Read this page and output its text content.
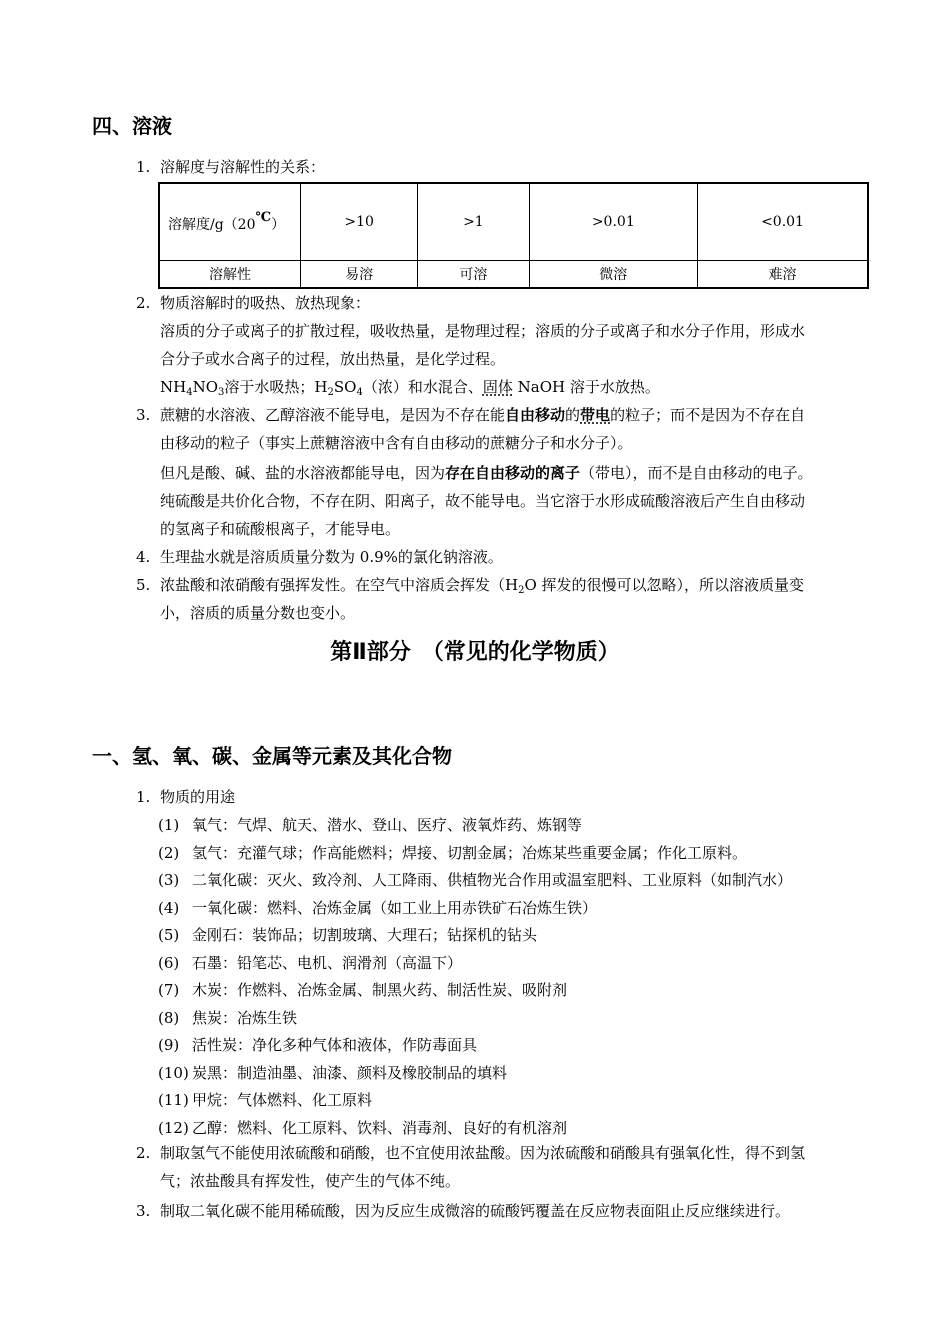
四、溶液
1. 溶解度与溶解性的关系：

溶解度/g（20℃）	>10	>1	>0.01	<0.01
溶解性	易溶	可溶	微溶	难溶
2. 物质溶解时的吸热、放热现象：

溶质的分子或离子的扩散过程，吸收热量，是物理过程；溶质的分子或离子和水分子作用，形成水

合分子或水合离子的过程，放出热量，是化学过程。

$NH_4NO_3$溶于水吸热；$H_2SO_4$（浓）和水混合、固体 NaOH 溶于水放热。

3. 蔗糖的水溶液、乙醇溶液不能导电，是因为不存在能自由移动的带电的粒子；而不是因为不存在自

由移动的粒子（事实上蔗糖溶液中含有自由移动的蔗糖分子和水分子）。

但凡是酸、碱、盐的水溶液都能导电，因为存在自由移动的离子（带电），而不是自由移动的电子。

纯硫酸是共价化合物，不存在阴、阳离子，故不能导电。当它溶于水形成硫酸溶液后产生自由移动

的氢离子和硫酸根离子，才能导电。

4. 生理盐水就是溶质质量分数为 0.9%的氯化钠溶液。

5. 浓盐酸和浓硝酸有强挥发性。在空气中溶质会挥发（$H_2O$ 挥发的很慢可以忽略），所以溶液质量变

小，溶质的质量分数也变小。

第Ⅱ部分　（常见的化学物质）
一、氢、氧、碳、金属等元素及其化合物
1. 物质的用途

(1) 氧气：气焊、航天、潜水、登山、医疗、液氧炸药、炼钢等
(2) 氢气：充灌气球；作高能燃料；焊接、切割金属；冶炼某些重要金属；作化工原料。
(3) 二氧化碳：灭火、致冷剂、人工降雨、供植物光合作用或温室肥料、工业原料（如制汽水）
(4) 一氧化碳：燃料、冶炼金属（如工业上用赤铁矿石冶炼生铁）
(5) 金刚石：装饰品；切割玻璃、大理石；钻探机的钻头
(6) 石墨：铅笔芯、电机、润滑剂（高温下）
(7) 木炭：作燃料、冶炼金属、制黑火药、制活性炭、吸附剂
(8) 焦炭：冶炼生铁
(9) 活性炭：净化多种气体和液体，作防毒面具
(10) 炭黑：制造油墨、油漆、颜料及橡胶制品的填料
(11) 甲烷：气体燃料、化工原料
(12) 乙醇：燃料、化工原料、饮料、消毒剂、良好的有机溶剂
2. 制取氢气不能使用浓硫酸和硝酸，也不宜使用浓盐酸。因为浓硫酸和硝酸具有强氧化性，得不到氢

气；浓盐酸具有挥发性，使产生的气体不纯。

3. 制取二氧化碳不能用稀硫酸，因为反应生成微溶的硫酸钙覆盖在反应物表面阻止反应继续进行。
